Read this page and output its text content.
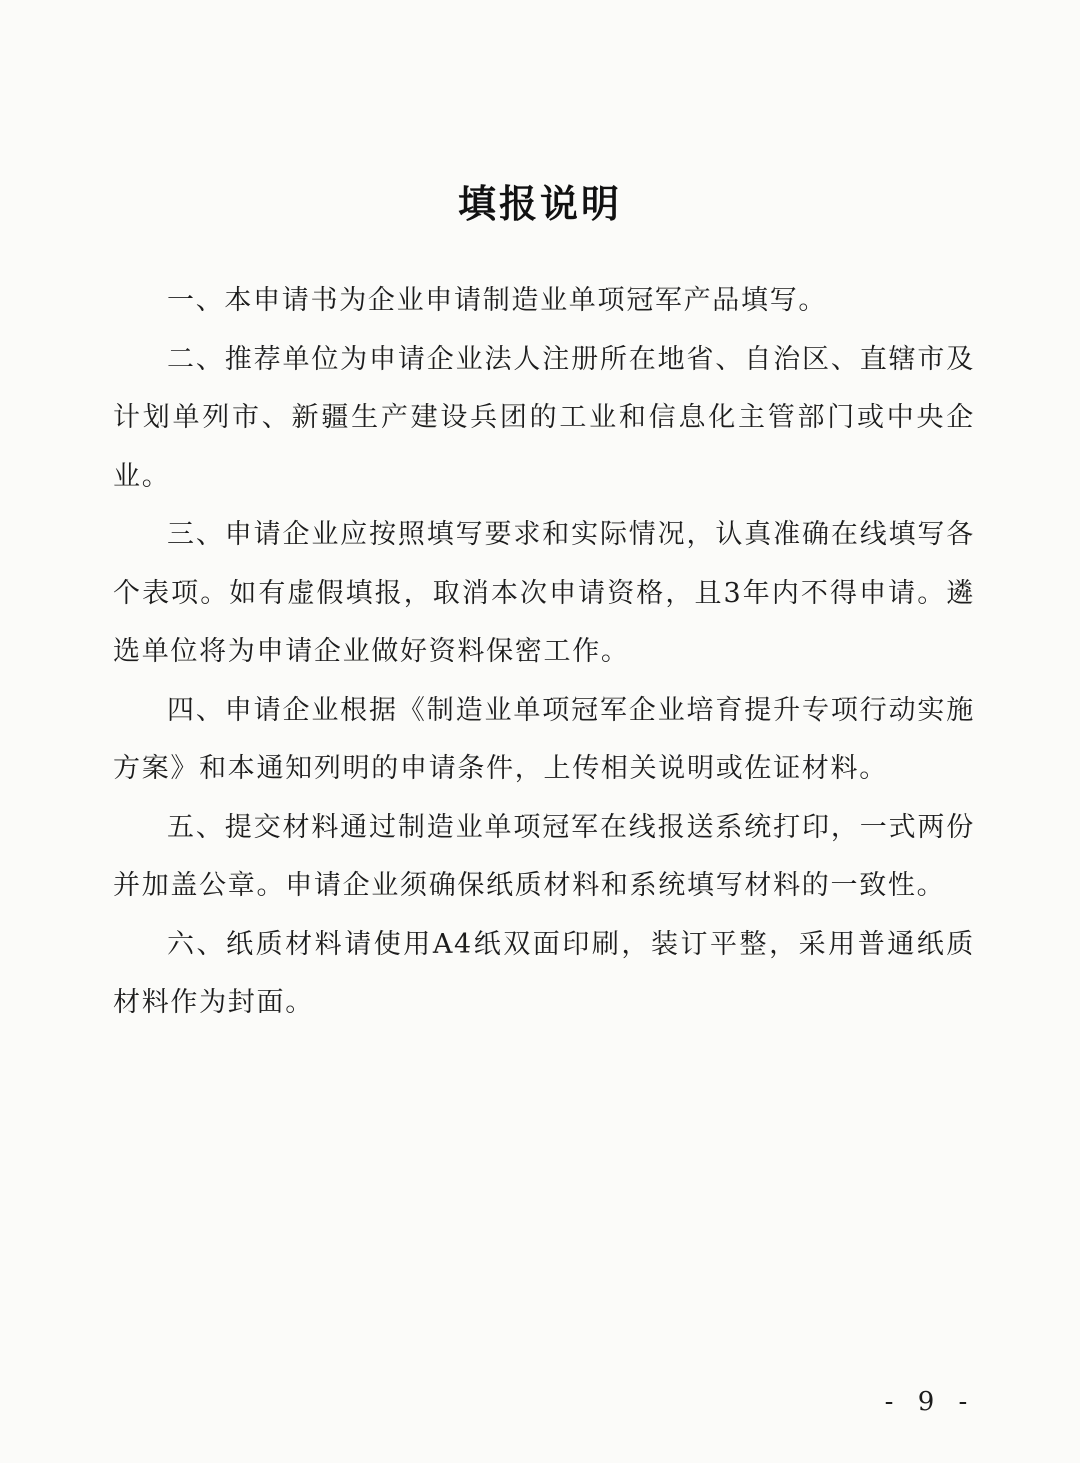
填报说明

一、本申请书为企业申请制造业单项冠军产品填写。

二、推荐单位为申请企业法人注册所在地省、自治区、直辖市及计划单列市、新疆生产建设兵团的工业和信息化主管部门或中央企业。

三、申请企业应按照填写要求和实际情况，认真准确在线填写各个表项。如有虚假填报，取消本次申请资格，且3年内不得申请。遴选单位将为申请企业做好资料保密工作。

四、申请企业根据《制造业单项冠军企业培育提升专项行动实施方案》和本通知列明的申请条件，上传相关说明或佐证材料。

五、提交材料通过制造业单项冠军在线报送系统打印，一式两份并加盖公章。申请企业须确保纸质材料和系统填写材料的一致性。

六、纸质材料请使用A4纸双面印刷，装订平整，采用普通纸质材料作为封面。

- 9 -
